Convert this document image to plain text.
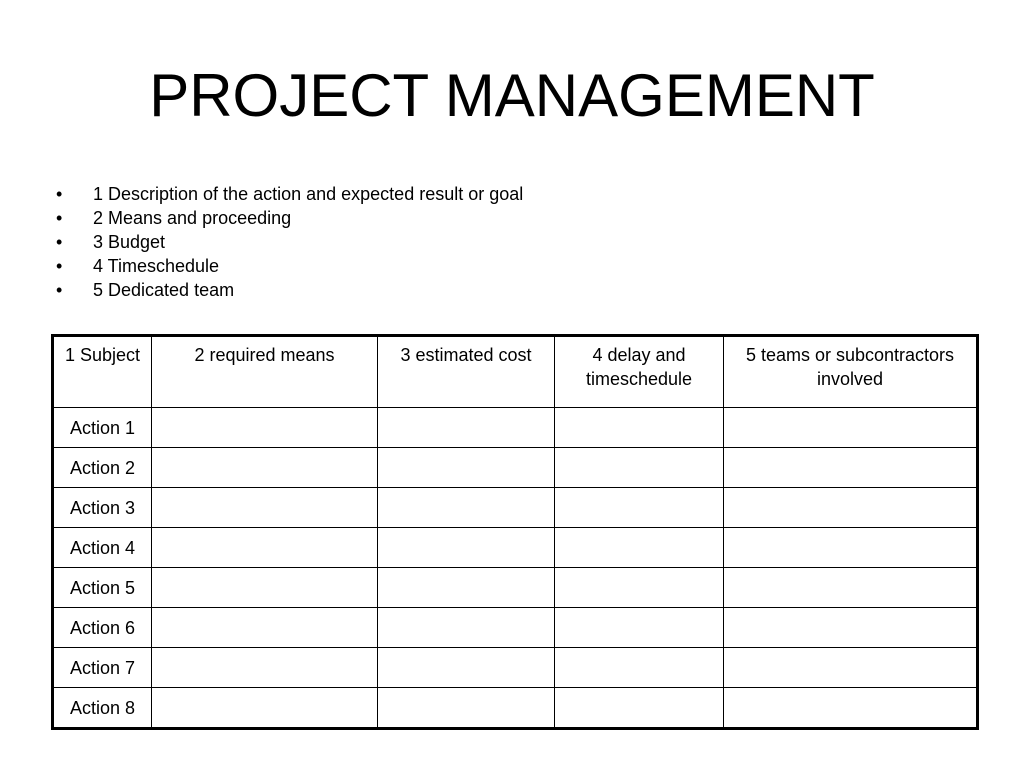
PROJECT MANAGEMENT
• 1 Description of the action and expected result or goal
• 2 Means and proceeding
• 3 Budget
• 4 Timeschedule
• 5 Dedicated team
1 Subject	2 required means	3 estimated cost	4 delay and timeschedule	5 teams or subcontractors involved
Action 1				
Action 2				
Action 3				
Action 4				
Action 5				
Action 6				
Action 7				
Action 8				
